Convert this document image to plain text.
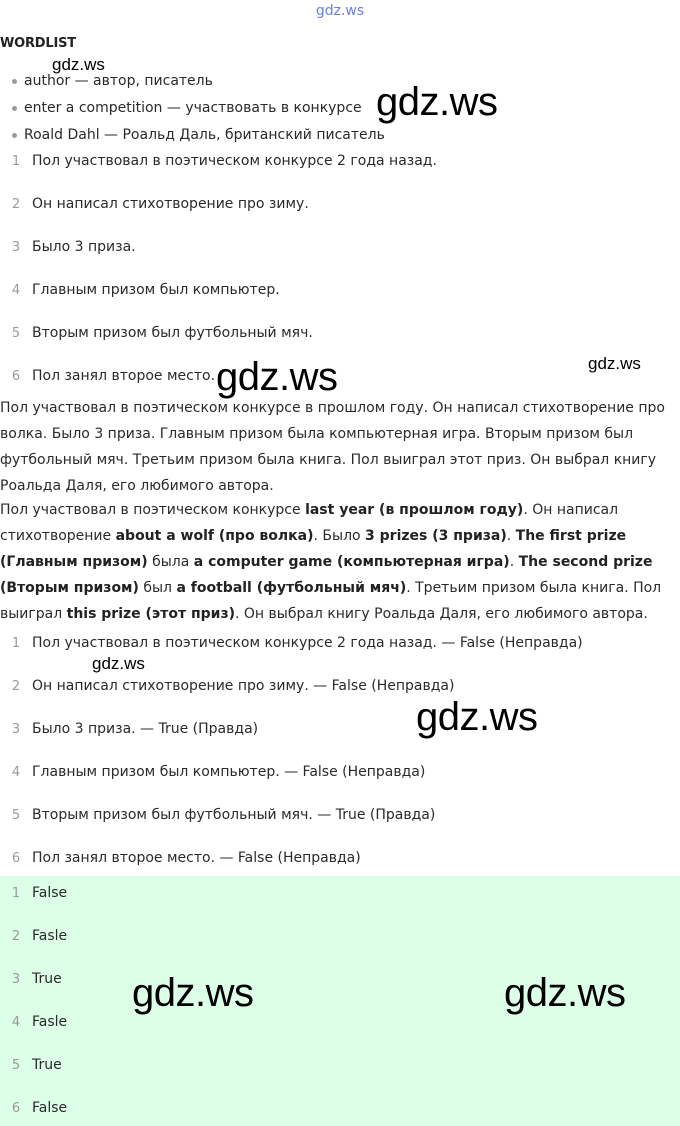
gdz.ws
WORDLIST
author — автор, писатель
enter a competition — участвовать в конкурсе
Roald Dahl — Роальд Даль, британский писатель
1 Пол участвовал в поэтическом конкурсе 2 года назад.
2 Он написал стихотворение про зиму.
3 Было 3 приза.
4 Главным призом был компьютер.
5 Вторым призом был футбольный мяч.
6 Пол занял второе место.
Пол участвовал в поэтическом конкурсе в прошлом году. Он написал стихотворение про волка. Было 3 приза. Главным призом была компьютерная игра. Вторым призом был футбольный мяч. Третьим призом была книга. Пол выиграл этот приз. Он выбрал книгу Роальда Даля, его любимого автора.
Пол участвовал в поэтическом конкурсе last year (в прошлом году). Он написал стихотворение about a wolf (про волка). Было 3 prizes (3 приза). The first prize (Главным призом) была a computer game (компьютерная игра). The second prize (Вторым призом) был a football (футбольный мяч). Третьим призом была книга. Пол выиграл this prize (этот приз). Он выбрал книгу Роальда Даля, его любимого автора.
1 Пол участвовал в поэтическом конкурсе 2 года назад. — False (Неправда)
2 Он написал стихотворение про зиму. — False (Неправда)
3 Было 3 приза. — True (Правда)
4 Главным призом был компьютер. — False (Неправда)
5 Вторым призом был футбольный мяч. — True (Правда)
6 Пол занял второе место. — False (Неправда)
1 False
2 Fasle
3 True
4 Fasle
5 True
6 False
gdz.ws
gdz.ws
gdz.ws	gdz.ws
gdz.ws
gdz.ws
gdz.ws	gdz.ws
